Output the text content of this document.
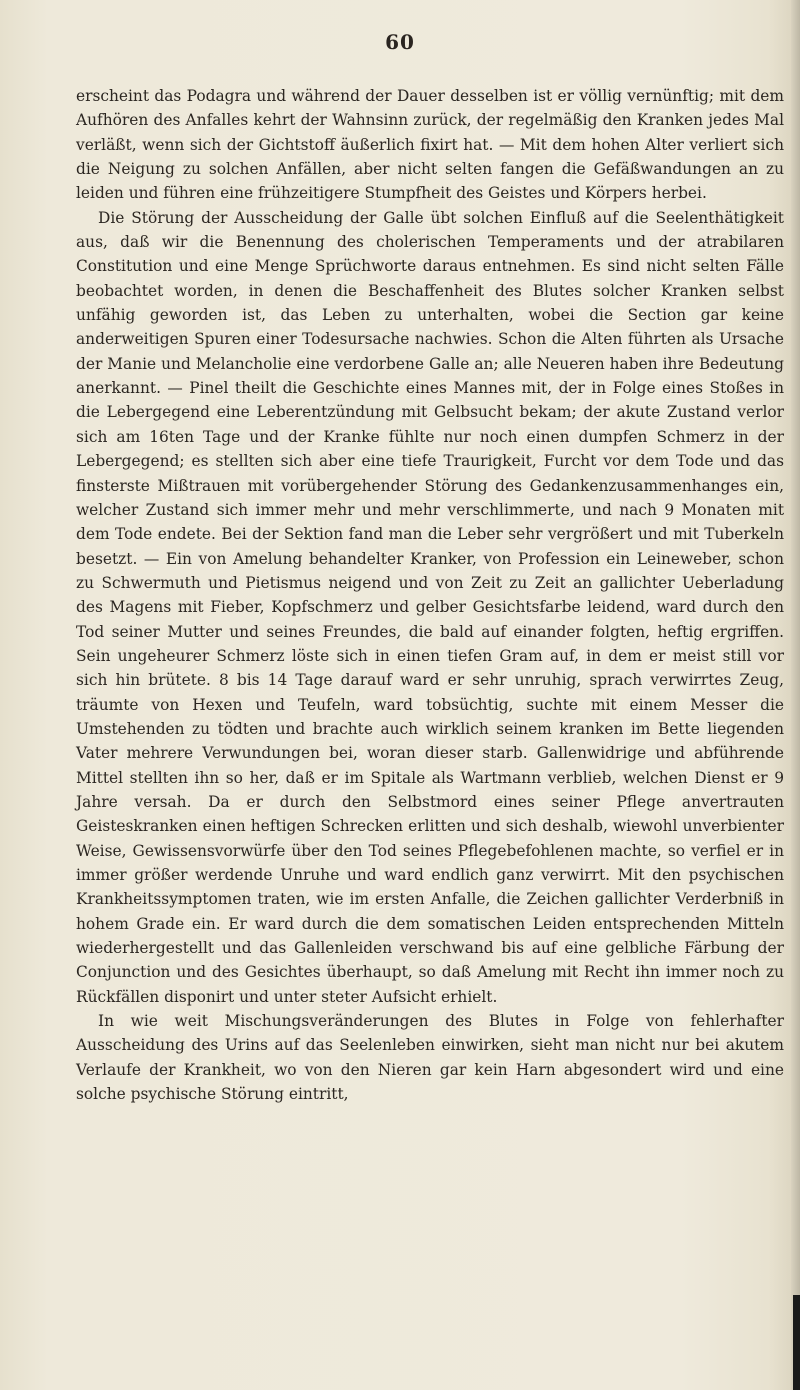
60

erscheint das Podagra und während der Dauer desselben ist er völlig vernünftig; mit dem Aufhören des Anfalles kehrt der Wahnsinn zurück, der regelmäßig den Kranken jedes Mal verläßt, wenn sich der Gichtstoff äußerlich fixirt hat. — Mit dem hohen Alter verliert sich die Neigung zu solchen Anfällen, aber nicht selten fangen die Gefäßwandungen an zu leiden und führen eine frühzeitigere Stumpfheit des Geistes und Körpers herbei.

Die Störung der Ausscheidung der Galle übt solchen Einfluß auf die Seelenthätigkeit aus, daß wir die Benennung des cholerischen Temperaments und der atrabilaren Constitution und eine Menge Sprüchworte daraus entnehmen. Es sind nicht selten Fälle beobachtet worden, in denen die Beschaffenheit des Blutes solcher Kranken selbst unfähig geworden ist, das Leben zu unterhalten, wobei die Section gar keine anderweitigen Spuren einer Todesursache nachwies. Schon die Alten führten als Ursache der Manie und Melancholie eine verdorbene Galle an; alle Neueren haben ihre Bedeutung anerkannt. — Pinel theilt die Geschichte eines Mannes mit, der in Folge eines Stoßes in die Lebergegend eine Leberentzündung mit Gelbsucht bekam; der akute Zustand verlor sich am 16ten Tage und der Kranke fühlte nur noch einen dumpfen Schmerz in der Lebergegend; es stellten sich aber eine tiefe Traurigkeit, Furcht vor dem Tode und das finsterste Mißtrauen mit vorübergehender Störung des Gedankenzusammenhanges ein, welcher Zustand sich immer mehr und mehr verschlimmerte, und nach 9 Monaten mit dem Tode endete. Bei der Sektion fand man die Leber sehr vergrößert und mit Tuberkeln besetzt. — Ein von Amelung behandelter Kranker, von Profession ein Leineweber, schon zu Schwermuth und Pietismus neigend und von Zeit zu Zeit an gallichter Ueberladung des Magens mit Fieber, Kopfschmerz und gelber Gesichtsfarbe leidend, ward durch den Tod seiner Mutter und seines Freundes, die bald auf einander folgten, heftig ergriffen. Sein ungeheurer Schmerz löste sich in einen tiefen Gram auf, in dem er meist still vor sich hin brütete. 8 bis 14 Tage darauf ward er sehr unruhig, sprach verwirrtes Zeug, träumte von Hexen und Teufeln, ward tobsüchtig, suchte mit einem Messer die Umstehenden zu tödten und brachte auch wirklich seinem kranken im Bette liegenden Vater mehrere Verwundungen bei, woran dieser starb. Gallenwidrige und abführende Mittel stellten ihn so her, daß er im Spitale als Wartmann verblieb, welchen Dienst er 9 Jahre versah. Da er durch den Selbstmord eines seiner Pflege anvertrauten Geisteskranken einen heftigen Schrecken erlitten und sich deshalb, wiewohl unverbienter Weise, Gewissensvorwürfe über den Tod seines Pflegebefohlenen machte, so verfiel er in immer größer werdende Unruhe und ward endlich ganz verwirrt. Mit den psychischen Krankheitssymptomen traten, wie im ersten Anfalle, die Zeichen gallichter Verderbniß in hohem Grade ein. Er ward durch die dem somatischen Leiden entsprechenden Mitteln wiederhergestellt und das Gallenleiden verschwand bis auf eine gelbliche Färbung der Conjunction und des Gesichtes überhaupt, so daß Amelung mit Recht ihn immer noch zu Rückfällen disponirt und unter steter Aufsicht erhielt.

In wie weit Mischungsveränderungen des Blutes in Folge von fehlerhafter Ausscheidung des Urins auf das Seelenleben einwirken, sieht man nicht nur bei akutem Verlaufe der Krankheit, wo von den Nieren gar kein Harn abgesondert wird und eine solche psychische Störung eintritt,
